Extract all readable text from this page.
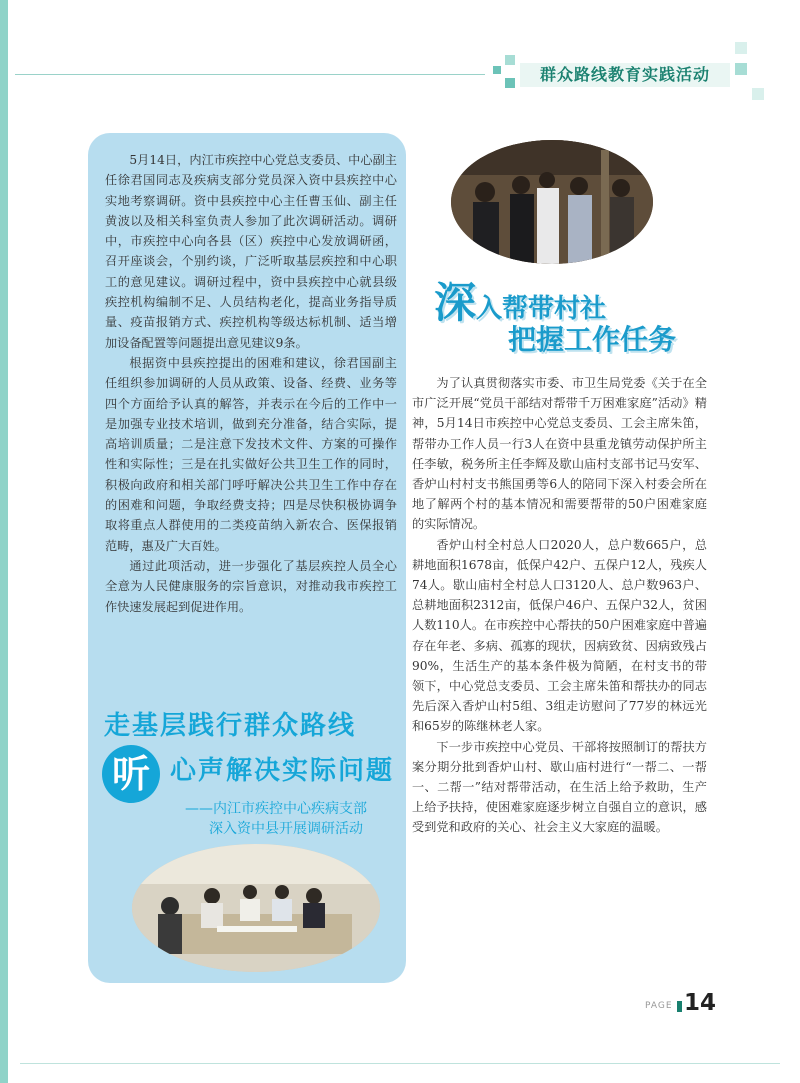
群众路线教育实践活动

5月14日，内江市疾控中心党总支委员、中心副主任徐君国同志及疾病支部分党员深入资中县疾控中心实地考察调研。资中县疾控中心主任曹玉仙、副主任黄波以及相关科室负责人参加了此次调研活动。调研中，市疾控中心向各县（区）疾控中心发放调研函，召开座谈会，个别约谈，广泛听取基层疾控和中心职工的意见建议。调研过程中，资中县疾控中心就县级疾控机构编制不足、人员结构老化，提高业务指导质量、疫苗报销方式、疾控机构等级达标机制、适当增加设备配置等问题提出意见建议9条。

根据资中县疾控提出的困难和建议，徐君国副主任组织参加调研的人员从政策、设备、经费、业务等四个方面给予认真的解答，并表示在今后的工作中一是加强专业技术培训，做到充分准备，结合实际，提高培训质量；二是注意下发技术文件、方案的可操作性和实际性；三是在扎实做好公共卫生工作的同时，积极向政府和相关部门呼吁解决公共卫生工作中存在的困难和问题，争取经费支持；四是尽快积极协调争取将重点人群使用的二类疫苗纳入新农合、医保报销范畴，惠及广大百姓。

通过此项活动，进一步强化了基层疾控人员全心全意为人民健康服务的宗旨意识，对推动我市疾控工作快速发展起到促进作用。

走基层践行群众路线
听 心声解决实际问题
——内江市疾控中心疾病支部
深入资中县开展调研活动
深入帮带村社
把握工作任务

为了认真贯彻落实市委、市卫生局党委《关于在全市广泛开展“党员干部结对帮带千万困难家庭”活动》精神，5月14日市疾控中心党总支委员、工会主席朱笛，帮带办工作人员一行3人在资中县重龙镇劳动保护所主任李敏，税务所主任李辉及歇山庙村支部书记马安军、香炉山村村支书熊国勇等6人的陪同下深入村委会所在地了解两个村的基本情况和需要帮带的50户困难家庭的实际情况。

香炉山村全村总人口2020人，总户数665户，总耕地面积1678亩，低保户42户、五保户12人，残疾人74人。歇山庙村全村总人口3120人、总户数963户、总耕地面积2312亩，低保户46户、五保户32人，贫困人数110人。在市疾控中心帮扶的50户困难家庭中普遍存在年老、多病、孤寡的现状，因病致贫、因病致残占90%，生活生产的基本条件极为简陋，在村支书的带领下，中心党总支委员、工会主席朱笛和帮扶办的同志先后深入香炉山村5组、3组走访慰问了77岁的林远光和65岁的陈继林老人家。

下一步市疾控中心党员、干部将按照制订的帮扶方案分期分批到香炉山村、歇山庙村进行“一帮二、一帮一、二帮一”结对帮带活动，在生活上给予救助，生产上给予扶持，使困难家庭逐步树立自强自立的意识，感受到党和政府的关心、社会主义大家庭的温暖。

PAGE 14
